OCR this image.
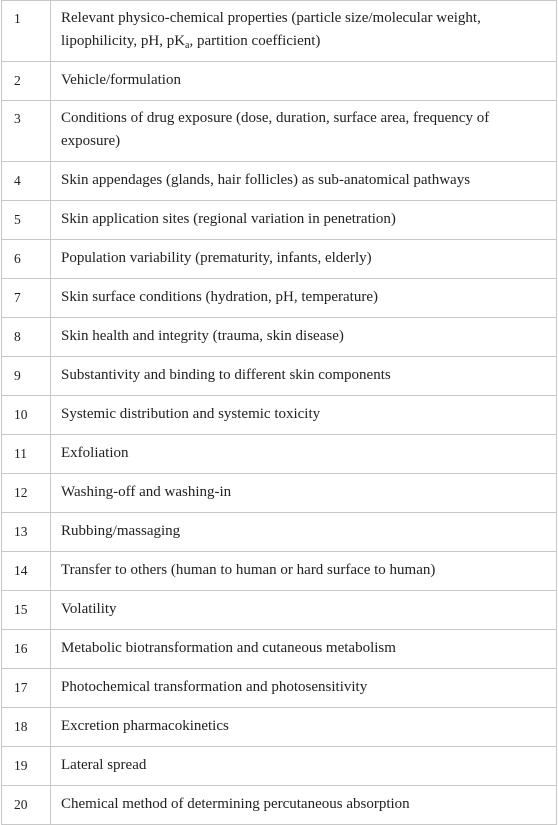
1	Relevant physico-chemical properties (particle size/molecular weight, lipophilicity, pH, $pK_a$, partition coefficient)

2	Vehicle/formulation

3	Conditions of drug exposure (dose, duration, surface area, frequency of exposure)

4	Skin appendages (glands, hair follicles) as sub-anatomical pathways

5	Skin application sites (regional variation in penetration)

6	Population variability (prematurity, infants, elderly)

7	Skin surface conditions (hydration, pH, temperature)

8	Skin health and integrity (trauma, skin disease)

9	Substantivity and binding to different skin components

10	Systemic distribution and systemic toxicity

11	Exfoliation

12	Washing-off and washing-in

13	Rubbing/massaging

14	Transfer to others (human to human or hard surface to human)

15	Volatility

16	Metabolic biotransformation and cutaneous metabolism

17	Photochemical transformation and photosensitivity

18	Excretion pharmacokinetics

19	Lateral spread

20	Chemical method of determining percutaneous absorption
